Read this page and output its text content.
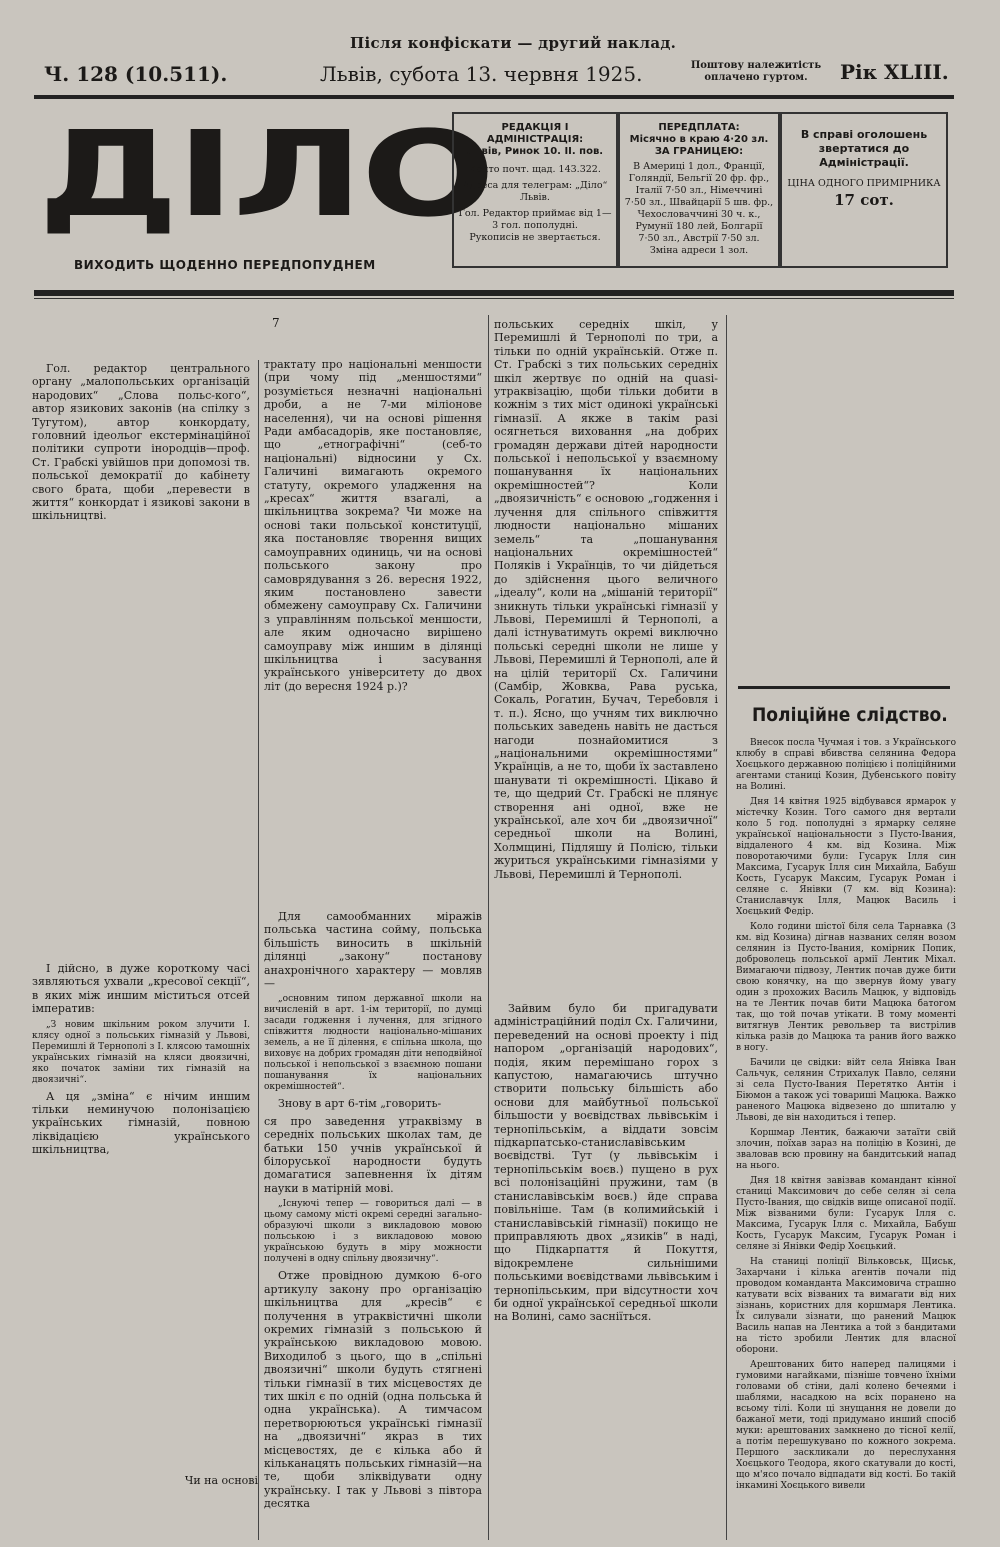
Після конфіскати — другий наклад.
Ч. 128 (10.511).	Львів, субота 13. червня 1925.	Поштову належитість оплачено гуртом.	Рік XLIII.
ДІЛО
ВИХОДИТЬ ЩОДЕННО ПЕРЕДПОПУДНЕМ
РЕДАКЦІЯ І АДМІНІСТРАЦІЯ:
Львів, Ринок 10. II. пов.
Конто почт. щад. 143.322.
Адреса для телеграм: „Діло“ Львів.
Гол. Редактор приймає від 1—3 гол. пополудні.
Рукописів не звертається.
ПЕРЕДПЛАТА:
Місячно в краю 4·20 зл.
ЗА ГРАНИЦЕЮ:
В Америці 1 дол., Франції, Голяндії, Бельгії 20 фр. фр., Італії 7·50 зл., Німеччині 7·50 зл., Швайцарії 5 шв. фр., Чехословаччині 30 ч. к., Румунії 180 лей, Болгарії 7·50 зл., Австрії 7·50 зл. Зміна адреси 1 зол.
В справі оголошень звертатися до Адміністрації.
ЦІНА ОДНОГО ПРИМІРНИКА
17 сот.
7

Гол. редактор центрального органу „малопольських організацій народових“ „Слова польс-кого“, автор язикових законів (на спілку з Тугутом), автор конкордату, головний ідеольог екстермінаційної політики супроти інородців—проф. Ст. Грабскі увійшов при допомозі тв. польської демократії до кабінету свого брата, щоби „перевести в життя“ конкордат і язикові закони в шкільництві.

І дійсно, в дуже короткому часі зявляються ухвали „кресової секції“, в яких між иншим міститься отсей імператив:

„З новим шкільним роком злучити І. клясу одної з польських гімназій у Львові, Перемишлі й Тернополі з І. клясою тамошніх українських гімназій на кляси двоязичні, яко початок заміни тих гімназій на двоязичні“.

А ця „зміна“ є нічим иншим тільки неминучою полонізацією українських гімназій, повною ліквідацією українського шкільництва,

Чи на основі

трактату про національні меншости (при чому під „меншостями“ розуміється незначні національні дроби, а не 7-ми міліонове населення), чи на основі рішення Ради амбасадорів, яке постановляє, що „етнографічні“ (себ-то національні) відносини у Сх. Галичині вимагають окремого статуту, окремого уладження на „кресах“ життя взагалі, а шкільництва зокрема? Чи може на основі таки польської конституції, яка постановляє творення вищих самоуправних одиниць, чи на основі польського закону про самоврядування з 26. вересня 1922, яким постановлено завести обмежену самоуправу Сх. Галичини з управлінням польської меншости, але яким одночасно вирішено самоуправу між иншим в ділянці шкільництва і засування українського університету до двох літ (до вересня 1924 р.)?

Для самообманних міражів польська частина сойму, польська більшість виносить в шкільній ділянці „закону“ постанову анахронічного характеру — мовляв —

„основним типом державної школи на вичисленій в арт. 1-ім території, по думці засади годження і лучення, для згідного співжиття людности національно-мішаних земель, а не її ділення, є спільна школа, що виховує на добрих громадян діти неподвійної польської і непольської з взаємною пошани пошанування їх національних окремішностей“.

Знову в арт 6-тім „говорить-

ся про заведення утраквізму в середніх польських школах там, де батьки 150 учнів української й білоруської народности будуть домагатися запевнення їх дітям науки в матірній мові.

„Існуючі тепер — говориться далі — в цьому самому місті окремі середні загально-образуючі школи з викладовою мовою польською і з викладовою мовою українською будуть в міру можности получені в одну спільну двоязичну“.

Отже провідною думкою 6-ого артикулу закону про організацію шкільництва для „кресів“ є получення в утраквістичні школи окремих гімназій з польською й українською викладовою мовою. Виходилоб з цього, що в „спільні двоязичні“ школи будуть стягнені тільки гімназії в тих місцевостях де тих шкіл є по одній (одна польська й одна українська). А тимчасом перетворюються українські гімназії на „двоязичні“ якраз в тих місцевостях, де є кілька або й кільканацять польських гімназій—на те, щоби зліквідувати одну українську. І так у Львові з півтора десятка

польських середніх шкіл, у Перемишлі й Тернополі по три, а тільки по одній українській. Отже п. Ст. Грабскі з тих польських середніх шкіл жертвує по одній на quasi-утраквізацію, щоби тільки добити в кожнім з тих міст одинокі українські гімназії. А якже в такім разі осягнеться виховання „на добрих громадян держави дітей народности польської і непольської у взаємному пошанування їх національних окремішностей“? Коли „двоязичність“ є основою „годження і лучення для спільного співжиття людности національно мішаних земель“ та „пошанування національних окремішностей“ Поляків і Українців, то чи дійдеться до здійснення цього величного „ідеалу“, коли на „мішаній території“ зникнуть тільки українські гімназії у Львові, Перемишлі й Тернополі, а далі істнуватимуть окремі виключно польські середні школи не лише у Львові, Перемишлі й Тернополі, але й на цілій території Сх. Галичини (Самбір, Жовква, Рава руська, Сокаль, Рогатин, Бучач, Теребовля і т. п.). Ясно, що учням тих виключно польських заведень навіть не дасться нагоди познайомитися з „національними окремішностями“ Українців, а не то, щоби їх заставлено шанувати ті окремішності. Цікаво й те, що щедрий Ст. Грабскі не плянує створення ані одної, вже не української, але хоч би „двоязичної“ середньої школи на Волині, Холмщині, Підляшу й Полісю, тільки журиться українськими гімназіями у Львові, Перемишлі й Тернополі.

Зайвим було би пригадувати адміністраційний поділ Сх. Галичини, переведений на основі проекту і під напором „організацій народових“, подія, яким перемішано горох з капустою, намагаючись штучно створити польську більшість або основи для майбутньої польської більшости у воєвідствах львівськім і тернопільськім, а віддати зовсім підкарпатсько-станиславівським воєвідстві. Тут (у львівськім і тернопільськім воєв.) пущено в рух всі полонізаційні пружини, там (в станиславівськім воєв.) йде справа повільніше. Там (в колимийській і станиславівській гімназії) покищо не приправляють двох „язиків“ в наді, що Підкарпаття й Покуття, відокремлене сильнішими польськими воєвідствами львівським і тернопільським, при відсутности хоч би одної української середньої школи на Волині, само засніїться.

Поліційне слідство.

Внесок посла Чучмая і тов. з Українського клюбу в справі вбивства селянина Федора Хоєцького державною поліцією і поліційними агентами станиці Козин, Дубенського повіту на Волині.

Дня 14 квітня 1925 відбувався ярмарок у містечку Козин. Того самого дня вертали коло 5 год. пополудні з ярмарку селяне української національности з Пусто-Івания, віддаленого 4 км. від Козина. Між поворотаючими були: Гусарук Ілля син Максима, Гусарук Ілля син Михайла, Бабуш Кость, Гусарук Максим, Гусарук Роман і селяне с. Янівки (7 км. від Козина): Станиславчук Ілля, Мацюк Василь і Хоєцький Федір.

Коло години шістої біля села Тарнавка (3 км. від Козина) дігнав названих селян возом селянин із Пусто-Івания, комірник Попик, доброволець польської армії Лентик Міхал. Вимагаючи підвозу, Лентик почав дуже бити свою конячку, на що звернув йому увагу один з прохожих Василь Мацюк, у відповідь на те Лентик почав бити Мацюка батогом так, що той почав утікати. В тому моменті витягнув Лентик револьвер та вистрілив кілька разів до Мацюка та ранив його важко в ногу.

Бачили це свідки: війт села Янівка Іван Сальчук, селянин Стрихалук Павло, селяни зі села Пусто-Івания Перетятко Антін і Біюмон а також усі товариші Мацюка. Важко раненого Мацюка відвезено до шпиталю у Львові, де він находиться і тепер.

Коршмар Лентик, бажаючи затаїти свій злочин, поїхав зараз на поліцію в Козині, де зваловав всю провину на бандитський напад на нього.

Дня 18 квітня завізвав командант кінної станиці Максимович до себе селян зі села Пусто-Івания, що свідків вище описаної події. Між візваними були: Гусарук Ілля с. Максима, Гусарук Ілля с. Михайла, Бабуш Кость, Гусарук Максим, Гусарук Роман і селяне зі Янівки Федір Хоєцький.

На станиці поліції Вільковськ, Щиськ, Захарчани і кілька агентів почали під проводом команданта Максимовича страшно катувати всіх візваних та вимагати від них зізнань, користних для коршмаря Лентика. Їх силували зізнати, що ранений Мацюк Василь напав на Лентика а той з бандитами на тісто зробили Лентик для власної оборони.

Арештованих бито наперед палицями і гумовими нагайками, пізніше товчено їхніми головами об стіни, далі колено бечеями і шаблями, насадкою на всіх поранено на всьому тілі. Коли ці знущання не довели до бажаної мети, тоді придумано инший спосіб муки: арештованих замкнено до тісної келії, а потім перешукувано по кожного зокрема. Першого заскликали до переслухання Хоєцького Теодора, якого скатували до кості, що м'ясо почало відпадати від кості. Бо такій інкамині Хоєцького вивели
